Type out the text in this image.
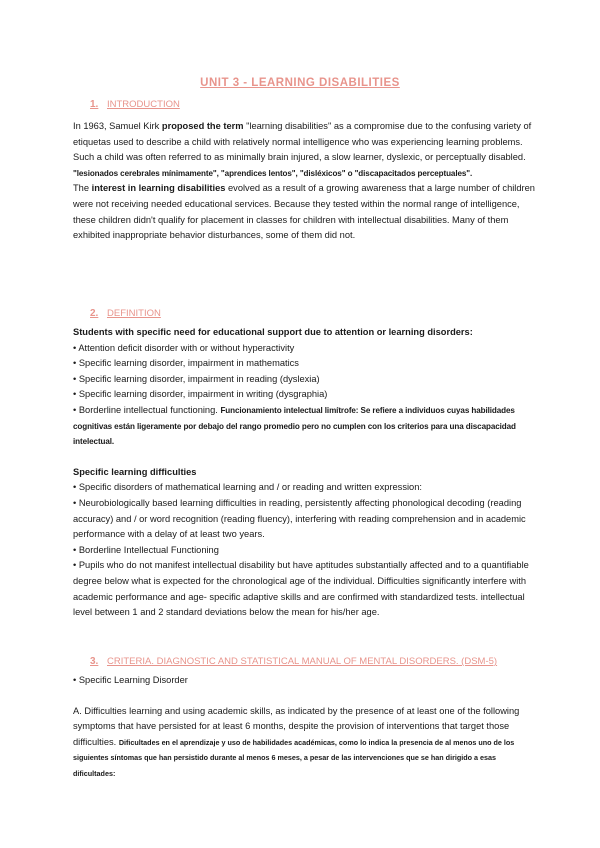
UNIT 3 - LEARNING DISABILITIES
1. INTRODUCTION

In 1963, Samuel Kirk proposed the term "learning disabilities" as a compromise due to the confusing variety of etiquetas used to describe a child with relatively normal intelligence who was experiencing learning problems. Such a child was often referred to as minimally brain injured, a slow learner, dyslexic, or perceptually disabled. "lesionados cerebrales mínimamente", "aprendices lentos", "disléxicos" o "discapacitados perceptuales".

The interest in learning disabilities evolved as a result of a growing awareness that a large number of children were not receiving needed educational services. Because they tested within the normal range of intelligence, these children didn't qualify for placement in classes for children with intellectual disabilities. Many of them exhibited inappropriate behavior disturbances, some of them did not.

2. DEFINITION

Students with specific need for educational support due to attention or learning disorders:

• Attention deficit disorder with or without hyperactivity

• Specific learning disorder, impairment in mathematics

• Specific learning disorder, impairment in reading (dyslexia)

• Specific learning disorder, impairment in writing (dysgraphia)

• Borderline intellectual functioning. Funcionamiento intelectual limítrofe: Se refiere a individuos cuyas habilidades cognitivas están ligeramente por debajo del rango promedio pero no cumplen con los criterios para una discapacidad intelectual.

Specific learning difficulties

• Specific disorders of mathematical learning and / or reading and written expression:

• Neurobiologically based learning difficulties in reading, persistently affecting phonological decoding (reading accuracy) and / or word recognition (reading fluency), interfering with reading comprehension and in academic performance with a delay of at least two years.

• Borderline Intellectual Functioning

• Pupils who do not manifest intellectual disability but have aptitudes substantially affected and to a quantifiable degree below what is expected for the chronological age of the individual. Difficulties significantly interfere with academic performance and age- specific adaptive skills and are confirmed with standardized tests. intellectual level between 1 and 2 standard deviations below the mean for his/her age.

3. CRITERIA. DIAGNOSTIC AND STATISTICAL MANUAL OF MENTAL DISORDERS. (DSM-5)

• Specific Learning Disorder

A. Difficulties learning and using academic skills, as indicated by the presence of at least one of the following symptoms that have persisted for at least 6 months, despite the provision of interventions that target those difficulties. Dificultades en el aprendizaje y uso de habilidades académicas, como lo indica la presencia de al menos uno de los siguientes síntomas que han persistido durante al menos 6 meses, a pesar de las intervenciones que se han dirigido a esas dificultades:
